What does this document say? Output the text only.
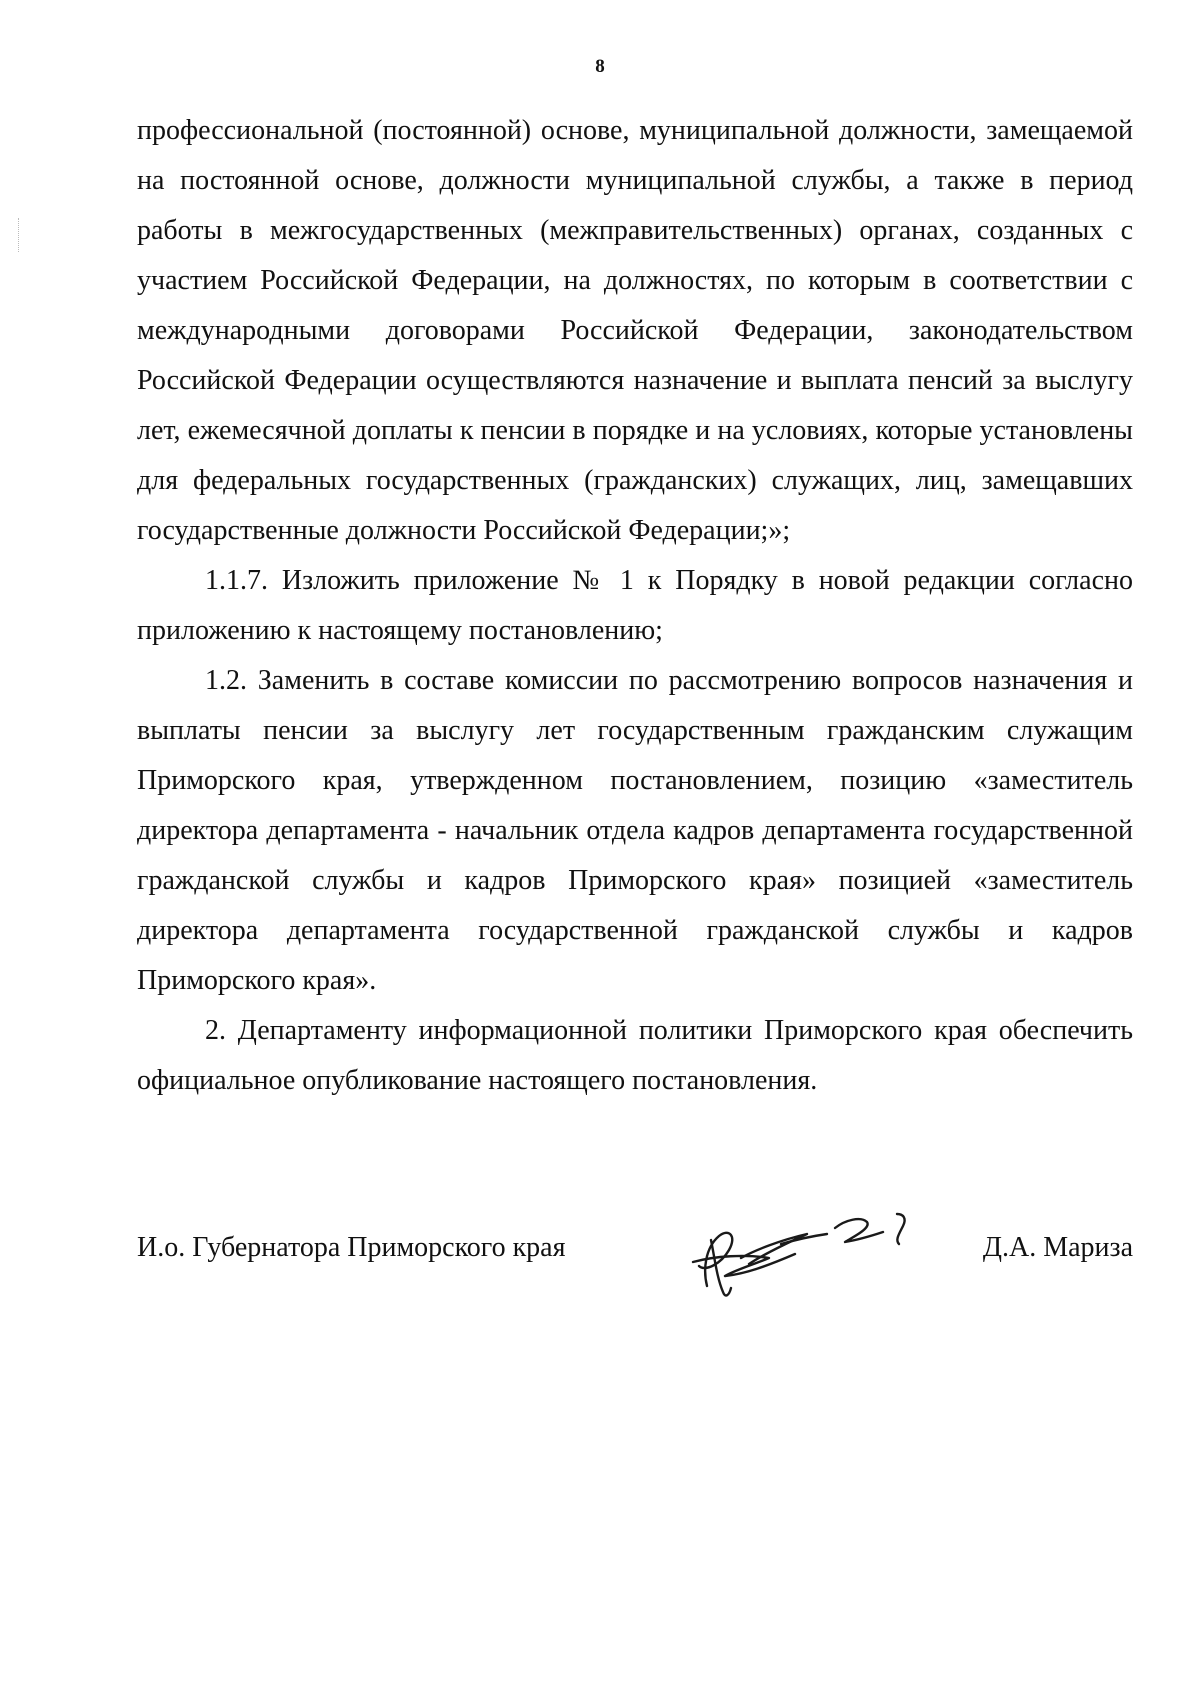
8

профессиональной (постоянной) основе, муниципальной должности, замещаемой на постоянной основе, должности муниципальной службы, а также в период работы в межгосударственных (межправительственных) органах, созданных с участием Российской Федерации, на должностях, по которым в соответствии с международными договорами Российской Федерации, законодательством Российской Федерации осуществляются назначение и выплата пенсий за выслугу лет, ежемесячной доплаты к пенсии в порядке и на условиях, которые установлены для федеральных государственных (гражданских) служащих, лиц, замещавших государственные должности Российской Федерации;»;

1.1.7. Изложить приложение № 1 к Порядку в новой редакции согласно приложению к настоящему постановлению;

1.2. Заменить в составе комиссии по рассмотрению вопросов назначения и выплаты пенсии за выслугу лет государственным гражданским служащим Приморского края, утвержденном постановлением, позицию «заместитель директора департамента - начальник отдела кадров департамента государственной гражданской службы и кадров Приморского края» позицией «заместитель директора департамента государственной гражданской службы и кадров Приморского края».

2. Департаменту информационной политики Приморского края обеспечить официальное опубликование настоящего постановления.

И.о. Губернатора Приморского края	Д.А. Мариза
